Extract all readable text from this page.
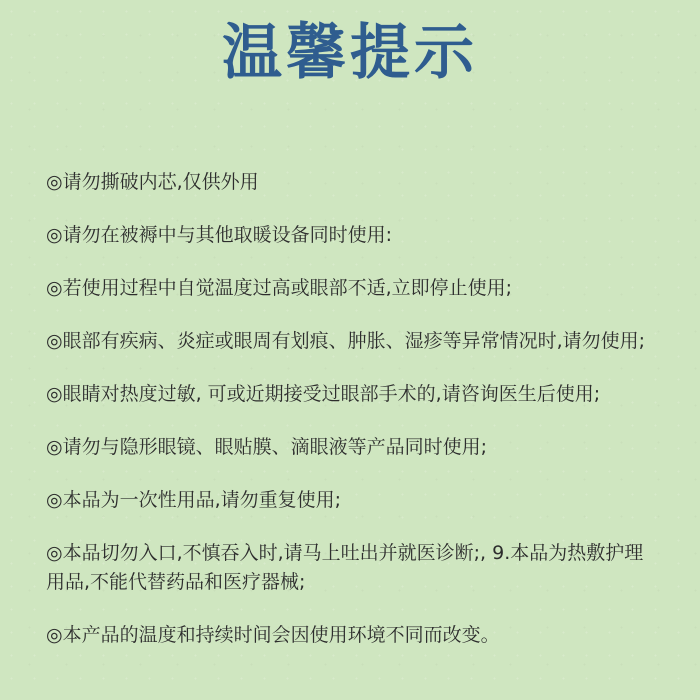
温馨提示
◎请勿撕破内芯,仅供外用
◎请勿在被褥中与其他取暖设备同时使用:
◎若使用过程中自觉温度过高或眼部不适,立即停止使用;
◎眼部有疾病、炎症或眼周有划痕、肿胀、湿疹等异常情况时,请勿使用;
◎眼睛对热度过敏, 可或近期接受过眼部手术的,请咨询医生后使用;
◎请勿与隐形眼镜、眼贴膜、滴眼液等产品同时使用;
◎本品为一次性用品,请勿重复使用;
◎本品切勿入口,不慎吞入时,请马上吐出并就医诊断;, 9.本品为热敷护理用品,不能代替药品和医疗器械;
◎本产品的温度和持续时间会因使用环境不同而改变。
